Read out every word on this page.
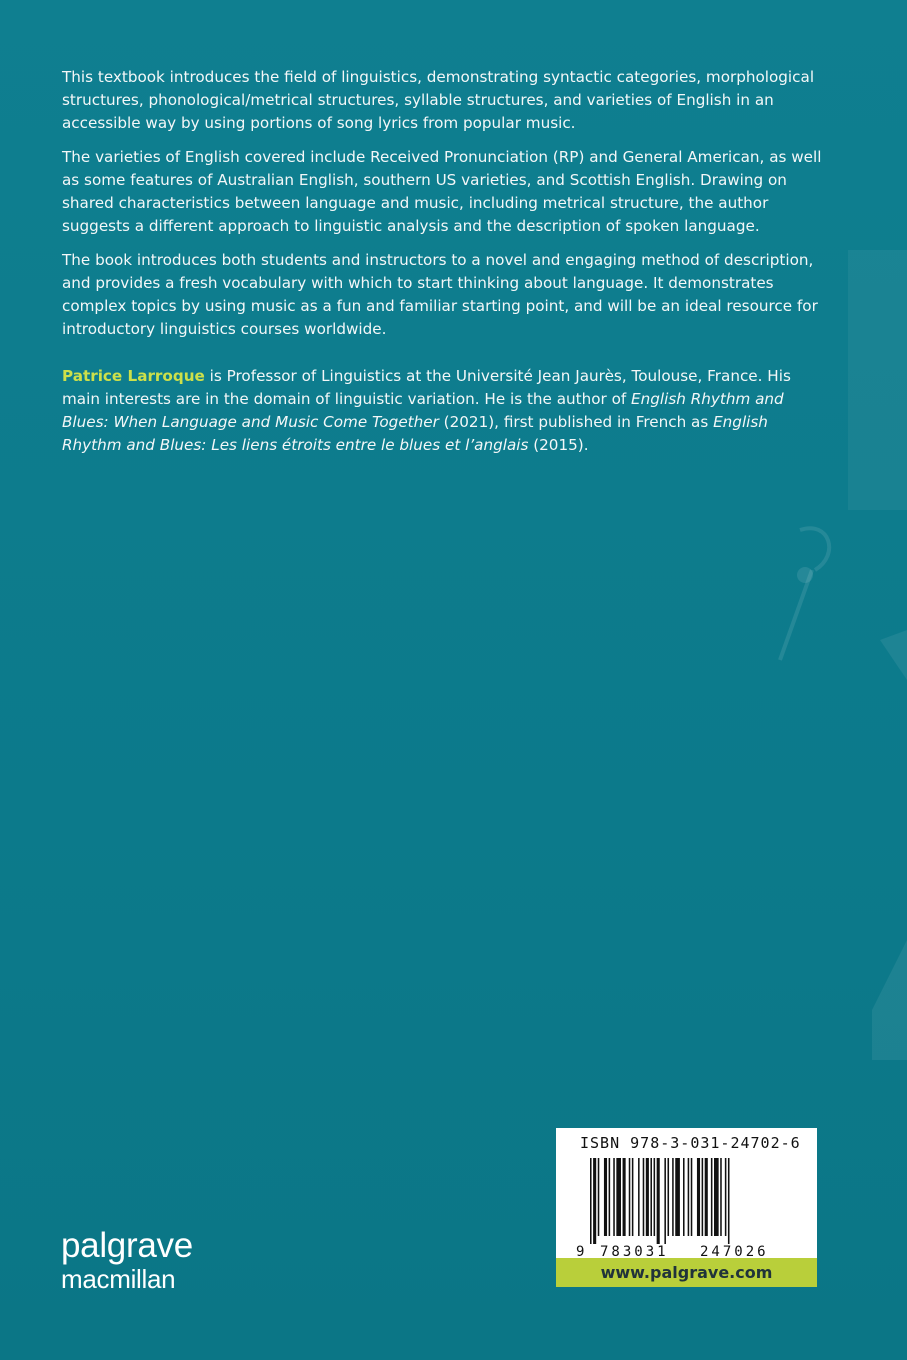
This textbook introduces the field of linguistics, demonstrating syntactic categories, morphological structures, phonological/metrical structures, syllable structures, and varieties of English in an accessible way by using portions of song lyrics from popular music.

The varieties of English covered include Received Pronunciation (RP) and General American, as well as some features of Australian English, southern US varieties, and Scottish English. Drawing on shared characteristics between language and music, including metrical structure, the author suggests a different approach to linguistic analysis and the description of spoken language.

The book introduces both students and instructors to a novel and engaging method of description, and provides a fresh vocabulary with which to start thinking about language. It demonstrates complex topics by using music as a fun and familiar starting point, and will be an ideal resource for introductory linguistics courses worldwide.

Patrice Larroque is Professor of Linguistics at the Université Jean Jaurès, Toulouse, France. His main interests are in the domain of linguistic variation. He is the author of English Rhythm and Blues: When Language and Music Come Together (2021), first published in French as English Rhythm and Blues: Les liens étroits entre le blues et l’anglais (2015).

palgrave
macmillan
ISBN 978-3-031-24702-6
9 783031 247026
www.palgrave.com
